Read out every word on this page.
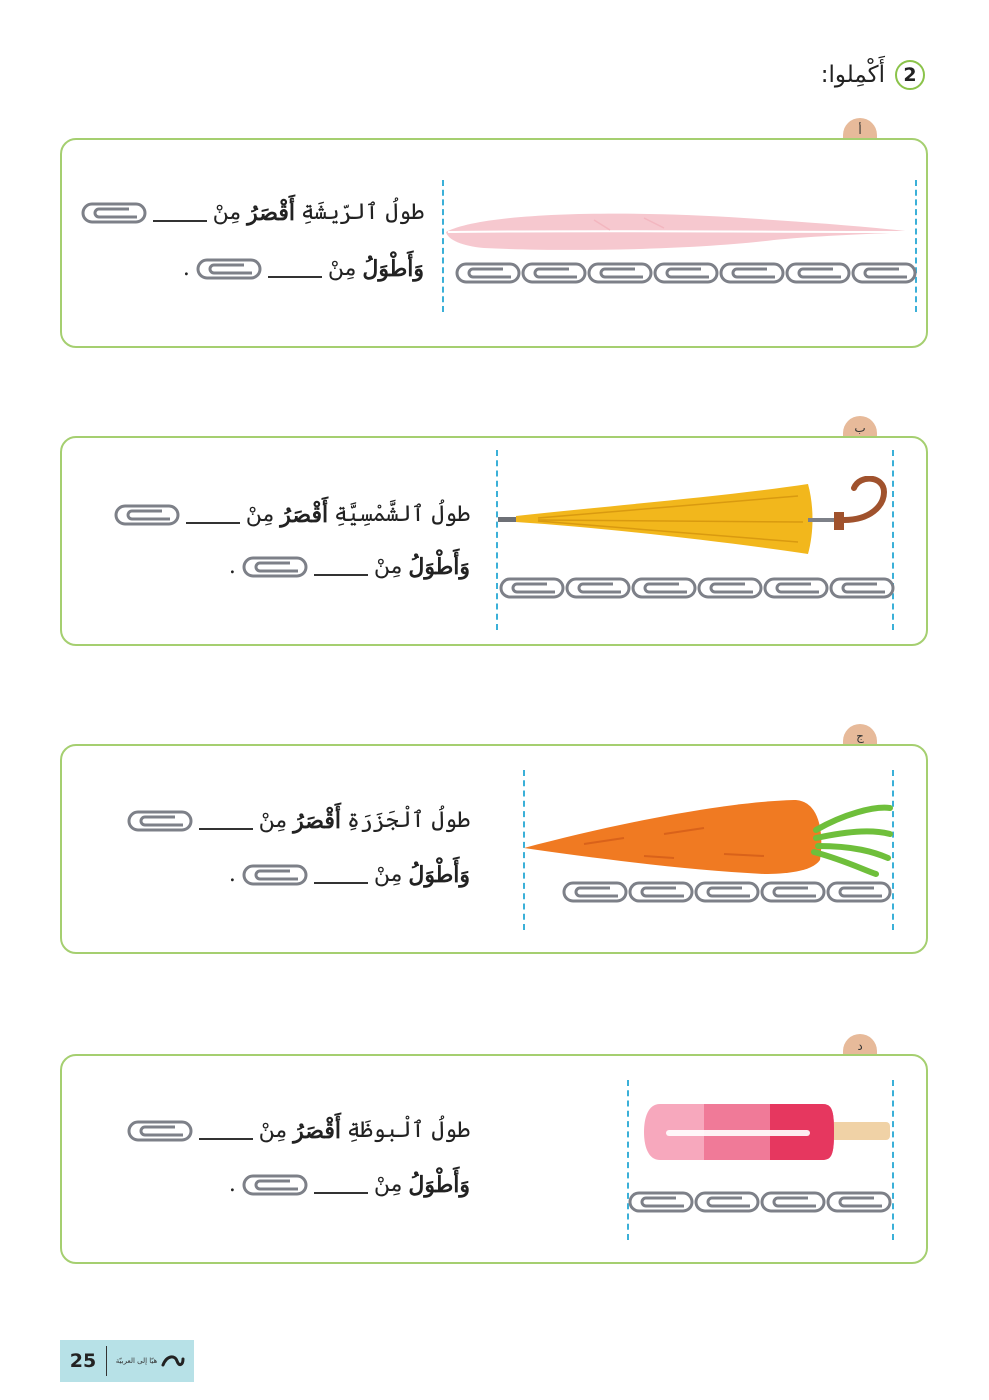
2
أَكْمِلوا:
أ
طولُ ٱلرّيشَةِ
أَقْصَرُ
مِنْ
وَأَطْوَلُ
مِنْ
.
ب
طولُ ٱلشَّمْسِيَّةِ
أَقْصَرُ
مِنْ
وَأَطْوَلُ
مِنْ
.
ج
طولُ ٱلْجَزَرَةِ
أَقْصَرُ
مِنْ
وَأَطْوَلُ
مِنْ
.
د
طولُ ٱلْبوظَةِ
أَقْصَرُ
مِنْ
وَأَطْوَلُ
مِنْ
.
25	هيّا إلى العربيّة
